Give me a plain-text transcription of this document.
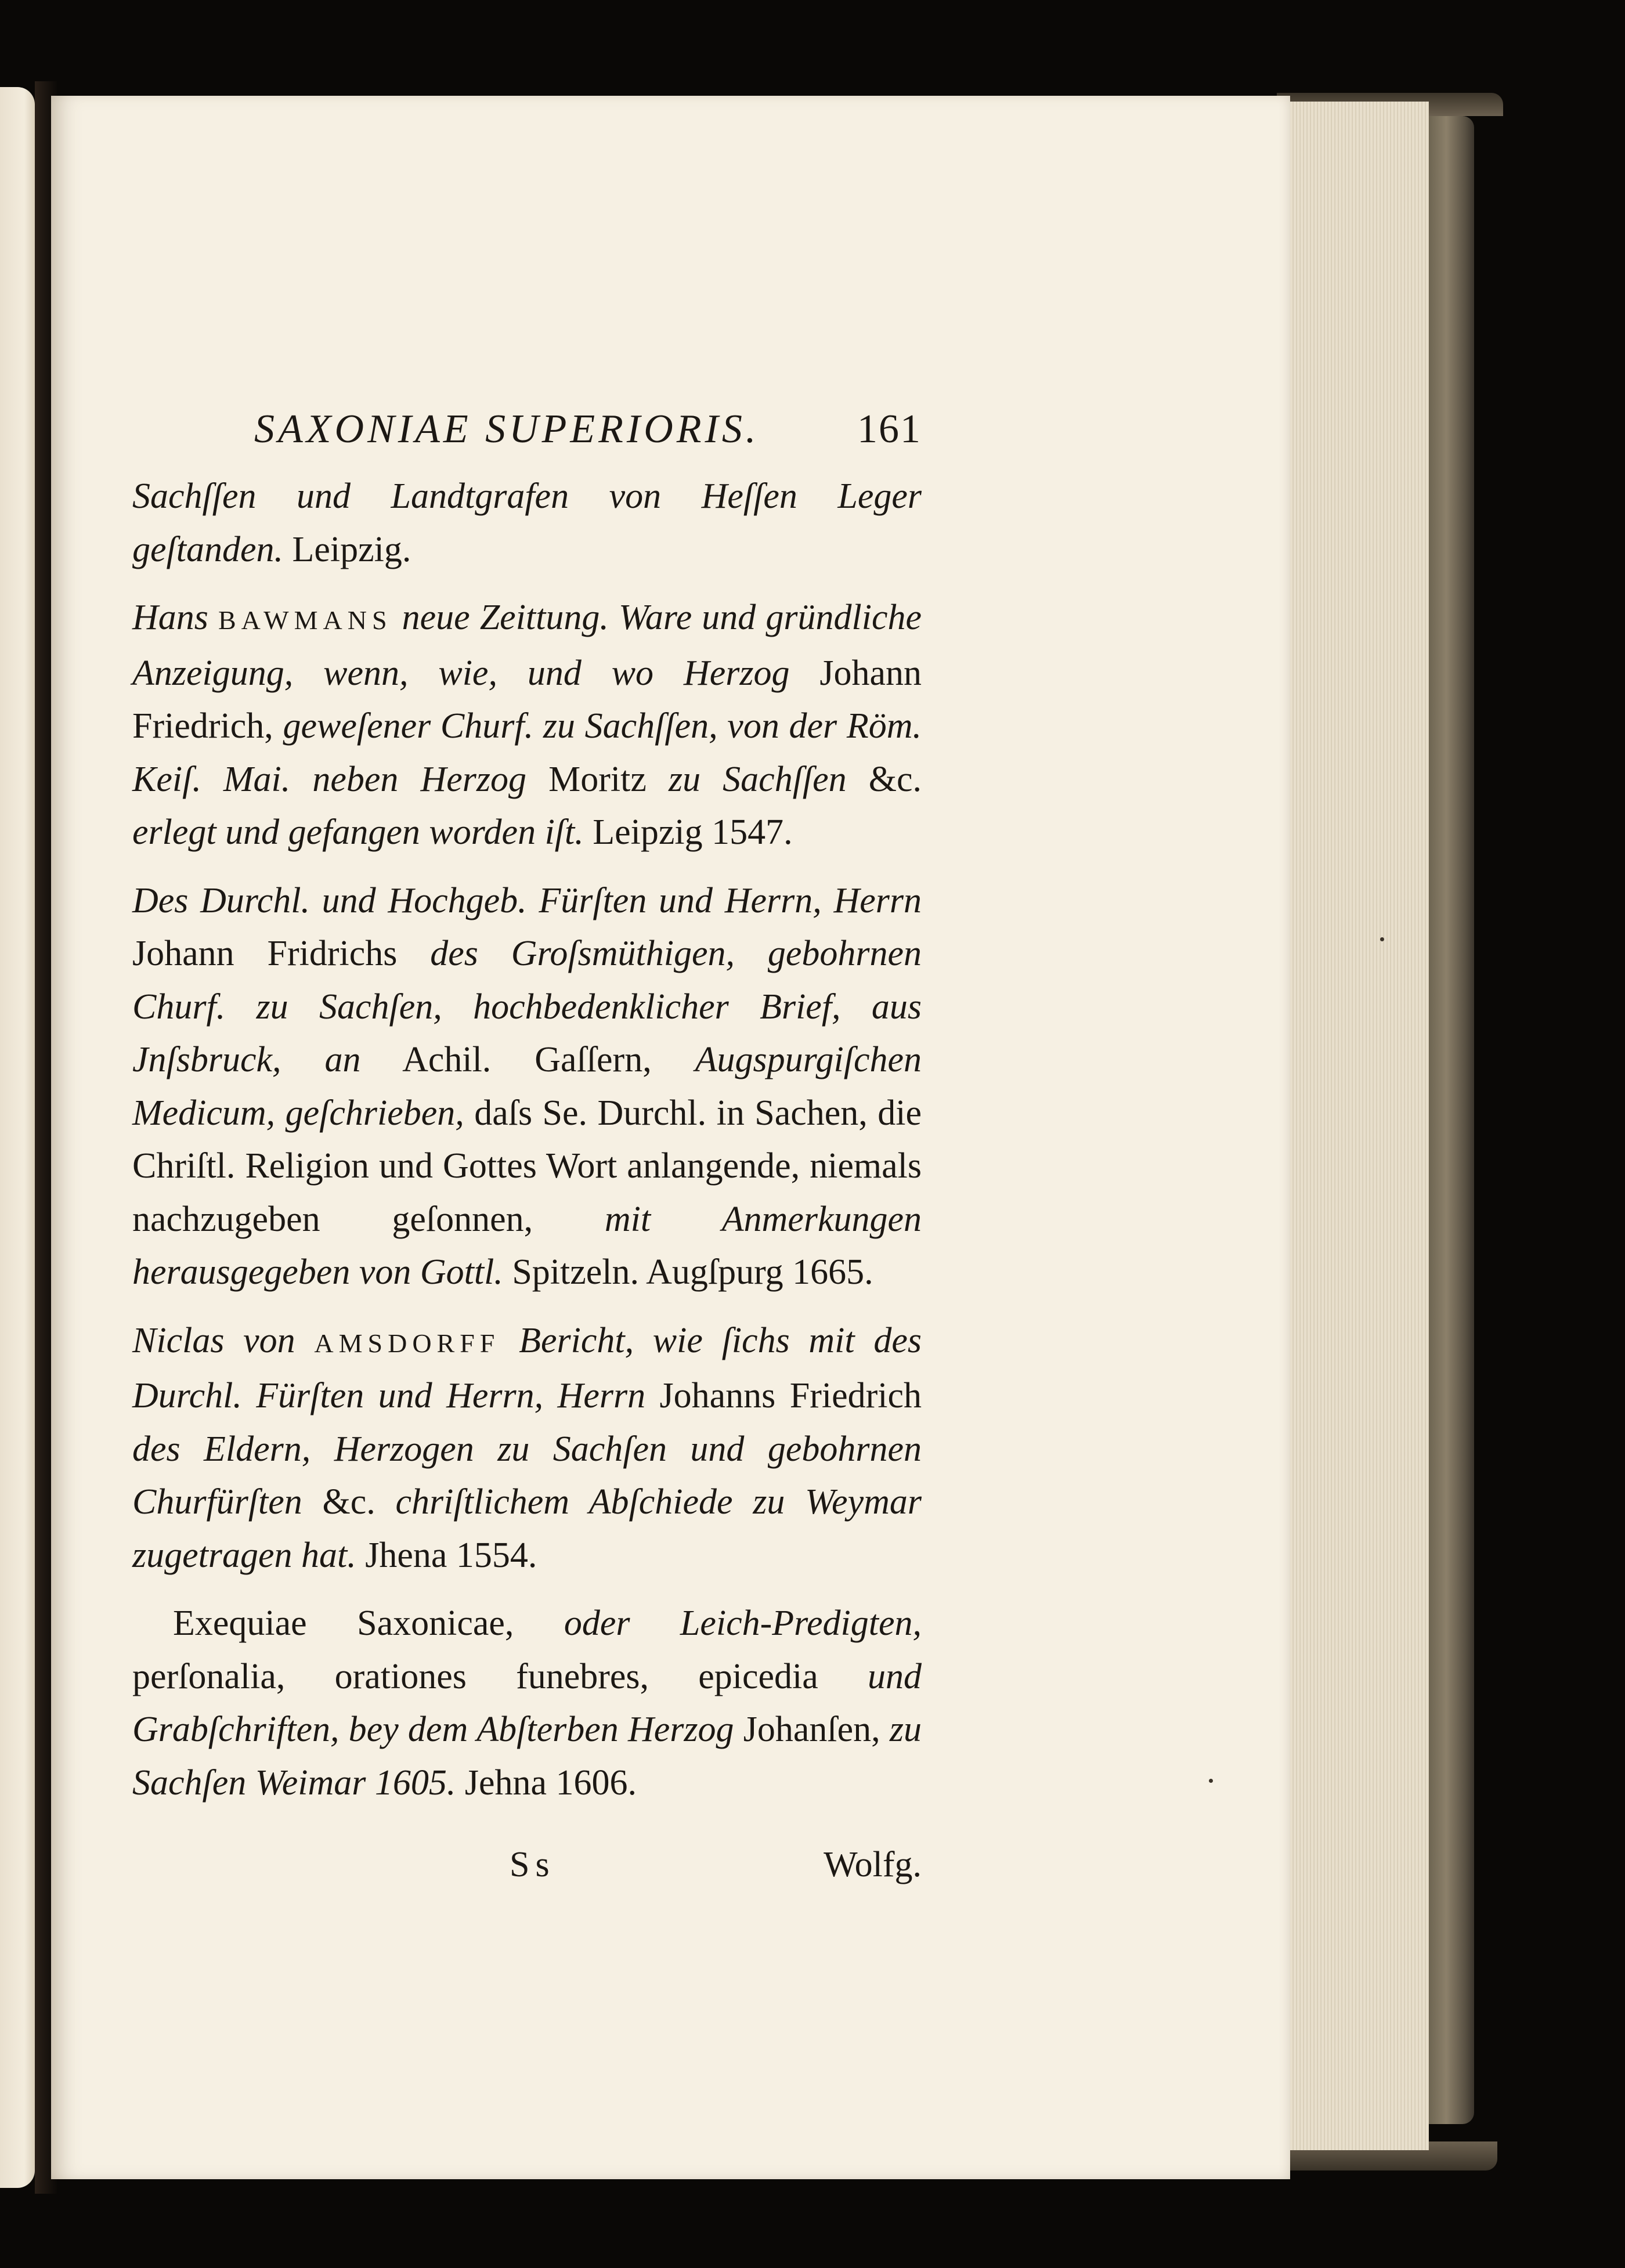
SAXONIAE SUPERIORIS. 161

Sachſſen und Landtgrafen von Heſſen Leger geſtanden. Leipzig.

Hans BAWMANS neue Zeittung. Ware und gründliche Anzeigung, wenn, wie, und wo Herzog Johann Friedrich, geweſener Churf. zu Sachſſen, von der Röm. Keiſ. Mai. neben Herzog Moritz zu Sachſſen &c. erlegt und gefangen worden iſt. Leipzig 1547.

Des Durchl. und Hochgeb. Fürſten und Herrn, Herrn Johann Fridrichs des Groſsmüthigen, gebohrnen Churf. zu Sachſen, hochbedenklicher Brief, aus Jnſsbruck, an Achil. Gaſſern, Augspurgiſchen Medicum, geſchrieben, daſs Se. Durchl. in Sachen, die Chriſtl. Religion und Gottes Wort anlangende, niemals nachzugeben geſonnen, mit Anmerkungen herausgegeben von Gottl. Spitzeln. Augſpurg 1665.

Niclas von AMSDORFF Bericht, wie ſichs mit des Durchl. Fürſten und Herrn, Herrn Johanns Friedrich des Eldern, Herzogen zu Sachſen und gebohrnen Churfürſten &c. chriſtlichem Abſchiede zu Weymar zugetragen hat. Jhena 1554.

Exequiae Saxonicae, oder Leich-Predigten, perſonalia, orationes funebres, epicedia und Grabſchriften, bey dem Abſterben Herzog Johanſen, zu Sachſen Weimar 1605. Jehna 1606.

Ss	Wolfg.
